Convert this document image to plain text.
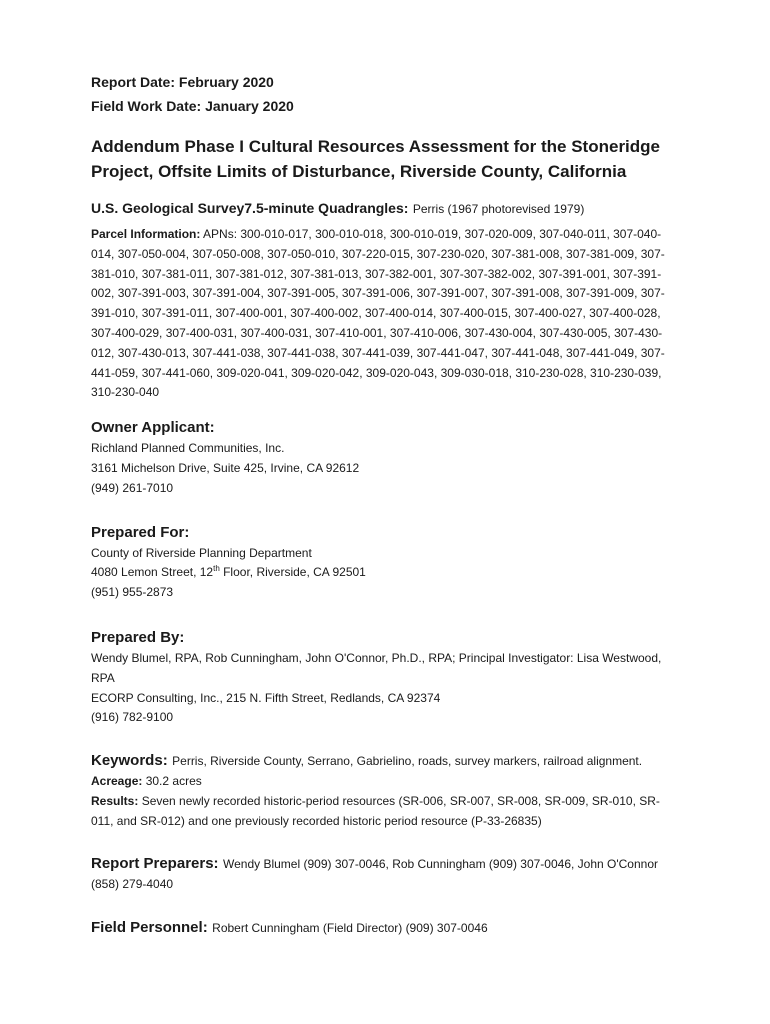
Report Date: February 2020
Field Work Date: January 2020
Addendum Phase I Cultural Resources Assessment for the Stoneridge Project, Offsite Limits of Disturbance, Riverside County, California
U.S. Geological Survey7.5-minute Quadrangles: Perris (1967 photorevised 1979)
Parcel Information: APNs: 300-010-017, 300-010-018, 300-010-019, 307-020-009, 307-040-011, 307-040-014, 307-050-004, 307-050-008, 307-050-010, 307-220-015, 307-230-020, 307-381-008, 307-381-009, 307-381-010, 307-381-011, 307-381-012, 307-381-013, 307-382-001, 307-307-382-002, 307-391-001, 307-391-002, 307-391-003, 307-391-004, 307-391-005, 307-391-006, 307-391-007, 307-391-008, 307-391-009, 307-391-010, 307-391-011, 307-400-001, 307-400-002, 307-400-014, 307-400-015, 307-400-027, 307-400-028, 307-400-029, 307-400-031, 307-400-031, 307-410-001, 307-410-006, 307-430-004, 307-430-005, 307-430-012, 307-430-013, 307-441-038, 307-441-038, 307-441-039, 307-441-047, 307-441-048, 307-441-049, 307-441-059, 307-441-060, 309-020-041, 309-020-042, 309-020-043, 309-030-018, 310-230-028, 310-230-039, 310-230-040
Owner Applicant:
Richland Planned Communities, Inc.
3161 Michelson Drive, Suite 425, Irvine, CA 92612
(949) 261-7010
Prepared For:
County of Riverside Planning Department
4080 Lemon Street, 12th Floor, Riverside, CA 92501
(951) 955-2873
Prepared By:
Wendy Blumel, RPA, Rob Cunningham, John O'Connor, Ph.D., RPA; Principal Investigator: Lisa Westwood, RPA
ECORP Consulting, Inc., 215 N. Fifth Street, Redlands, CA 92374
(916) 782-9100
Keywords: Perris, Riverside County, Serrano, Gabrielino, roads, survey markers, railroad alignment.
Acreage: 30.2 acres
Results: Seven newly recorded historic-period resources (SR-006, SR-007, SR-008, SR-009, SR-010, SR-011, and SR-012) and one previously recorded historic period resource (P-33-26835)
Report Preparers: Wendy Blumel (909) 307-0046, Rob Cunningham (909) 307-0046, John O'Connor (858) 279-4040
Field Personnel: Robert Cunningham (Field Director) (909) 307-0046
